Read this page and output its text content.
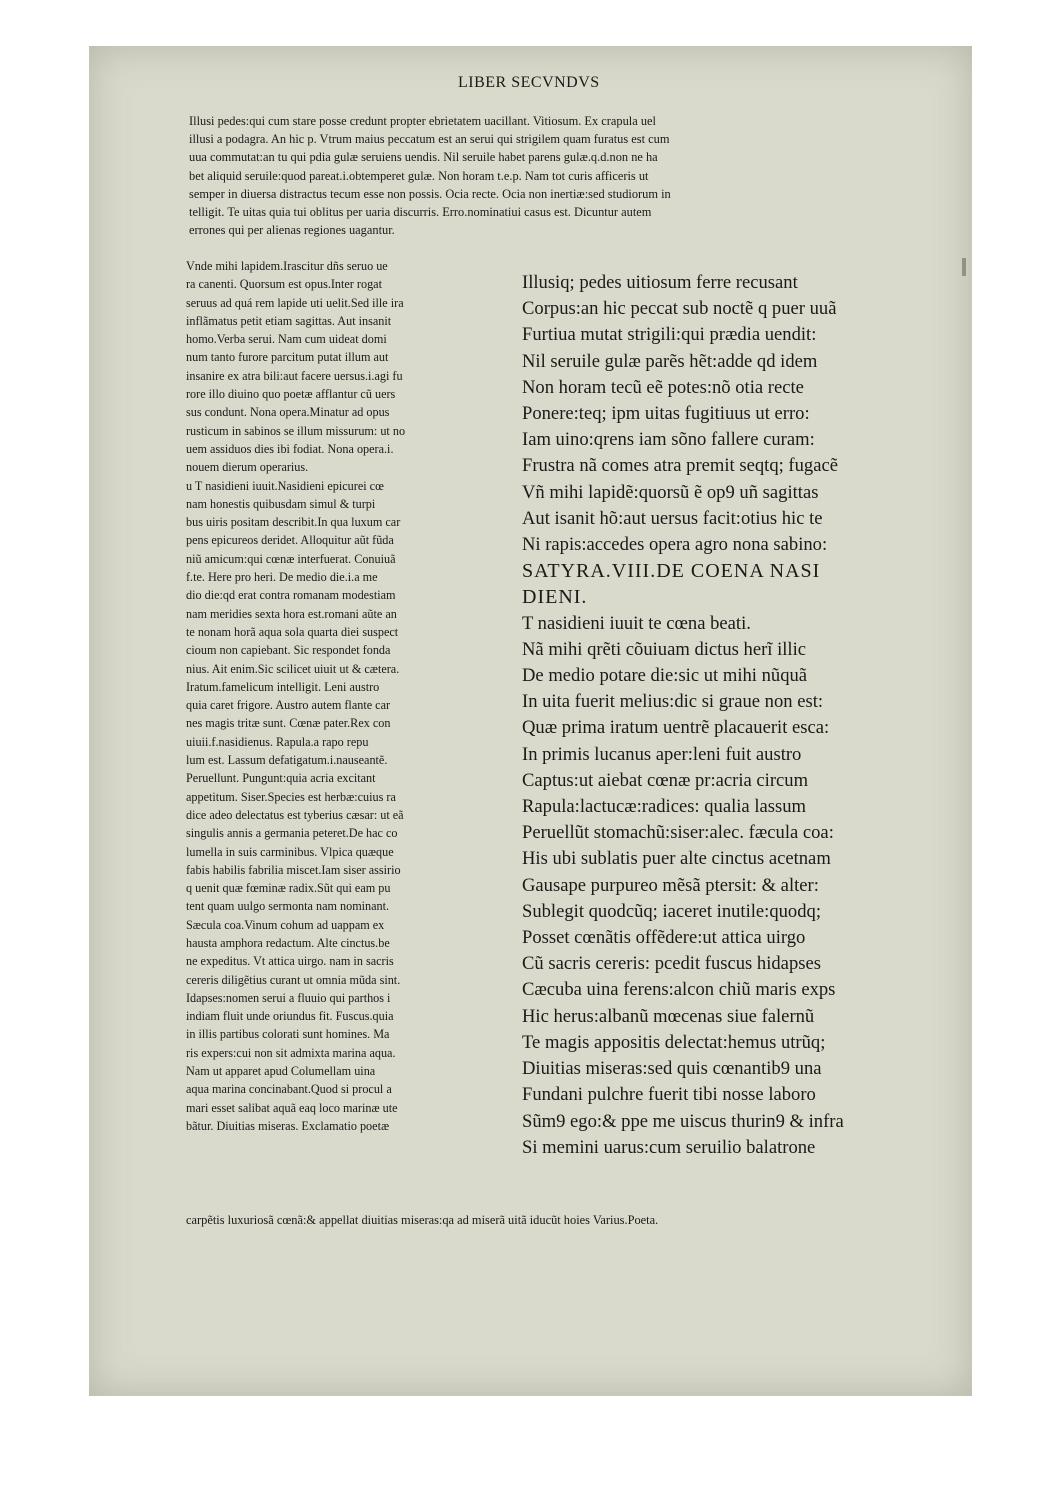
LIBER SECVNDVS
Illusi pedes:qui cum stare posse credunt propter ebrietatem uacillant. Vitiosum. Ex crapula uel
illusi a podagra. An hic p. Vtrum maius peccatum est an serui qui strigilem quam furatus est cum
uua commutat:an tu qui pdia gulæ seruiens uendis. Nil seruile habet parens gulæ.q.d.non ne ha
bet aliquid seruile:quod pareat.i.obtemperet gulæ. Non horam t.e.p. Nam tot curis afficeris ut
semper in diuersa distractus tecum esse non possis. Ocia recte. Ocia non inertiæ:sed studiorum in
telligit. Te uitas quia tui oblitus per uaria discurris. Erro.nominatiui casus est. Dicuntur autem
errones qui per alienas regiones uagantur.
Vnde mihi lapidem.Irascitur dñs seruo ue
ra canenti. Quorsum est opus.Inter rogat
seruus ad quá rem lapide uti uelit.Sed ille ira
inflãmatus petit etiam sagittas. Aut insanit
homo.Verba serui. Nam cum uideat domi
num tanto furore parcitum putat illum aut
insanire ex atra bili:aut facere uersus.i.agi fu
rore illo diuino quo poetæ afflantur cũ uers
sus condunt. Nona opera.Minatur ad opus
rusticum in sabinos se illum missurum: ut no
uem assiduos dies ibi fodiat. Nona opera.i.
nouem dierum operarius.
u T nasidieni iuuit.Nasidieni epicurei cœ
nam honestis quibusdam simul & turpi
bus uiris positam describit.In qua luxum car
pens epicureos deridet. Alloquitur aũt fũda
niũ amicum:qui cœnæ interfuerat. Conuiuã
f.te. Here pro heri. De medio die.i.a me
dio die:qd erat contra romanam modestiam
nam meridies sexta hora est.romani aũte an
te nonam horã aqua sola quarta diei suspect
cioum non capiebant. Sic respondet fonda
nius. Ait enim.Sic scilicet uiuit ut & cætera.
Iratum.famelicum intelligit. Leni austro
quia caret frigore. Austro autem flante car
nes magis tritæ sunt. Cœnæ pater.Rex con
uiuii.f.nasidienus. Rapula.a rapo repu
lum est. Lassum defatigatum.i.nauseantẽ.
Peruellunt. Pungunt:quia acria excitant
appetitum. Siser.Species est herbæ:cuius ra
dice adeo delectatus est tyberius cæsar: ut eã
singulis annis a germania peteret.De hac co
lumella in suis carminibus. Vlpica quæque
fabis habilis fabrilia miscet.Iam siser assirio
q uenit quæ fœminæ radix.Sũt qui eam pu
tent quam uulgo sermonta nam nominant.
Sæcula coa.Vinum cohum ad uappam ex
hausta amphora redactum. Alte cinctus.be
ne expeditus. Vt attica uirgo. nam in sacris
cereris diligẽtius curant ut omnia mũda sint.
Idapses:nomen serui a fluuio qui parthos i
indiam fluit unde oriundus fit. Fuscus.quia
in illis partibus colorati sunt homines. Ma
ris expers:cui non sit admixta marina aqua.
Nam ut apparet apud Columellam uina
aqua marina concinabant.Quod si procul a
mari esset salibat aquã eaq loco marinæ ute
bãtur. Diuitias miseras. Exclamatio poetæ
Illusiq; pedes uitiosum ferre recusant
Corpus:an hic peccat sub noctẽ q puer uuã
Furtiua mutat strigili:qui prædia uendit:
Nil seruile gulæ parẽs hẽt:adde qd idem
Non horam tecũ eẽ potes:nõ otia recte
Ponere:teq; ipm uitas fugitiuus ut erro:
Iam uino:qrens iam sõno fallere curam:
Frustra nã comes atra premit seqtq; fugacẽ
Vñ mihi lapidẽ:quorsũ ẽ op9 uñ sagittas
Aut isanit hõ:aut uersus facit:otius hic te
Ni rapis:accedes opera agro nona sabino:
SATYRA.VIII.DE COENA NASI
DIENI.
T nasidieni iuuit te cœna beati.
Nã mihi qrẽti cõuiuam dictus herĩ illic
De medio potare die:sic ut mihi nũquã
In uita fuerit melius:dic si graue non est:
Quæ prima iratum uentrẽ placauerit esca:
In primis lucanus aper:leni fuit austro
Captus:ut aiebat cœnæ pr:acria circum
Rapula:lactucæ:radices: qualia lassum
Peruellũt stomachũ:siser:alec. fæcula coa:
His ubi sublatis puer alte cinctus acetnam
Gausape purpureo mẽsã ptersit: & alter:
Sublegit quodcũq; iaceret inutile:quodq;
Posset cœnãtis offẽdere:ut attica uirgo
Cũ sacris cereris: pcedit fuscus hidapses
Cæcuba uina ferens:alcon chiũ maris exps
Hic herus:albanũ mœcenas siue falernũ
Te magis appositis delectat:hemus utrũq;
Diuitias miseras:sed quis cœnantib9 una
Fundani pulchre fuerit tibi nosse laboro
Sũm9 ego:& ppe me uiscus thurin9 & infra
Si memini uarus:cum seruilio balatrone
carpẽtis luxuriosã cœnã:& appellat diuitias miseras:qa ad miserã uitã iducũt hoies Varius.Poeta.
